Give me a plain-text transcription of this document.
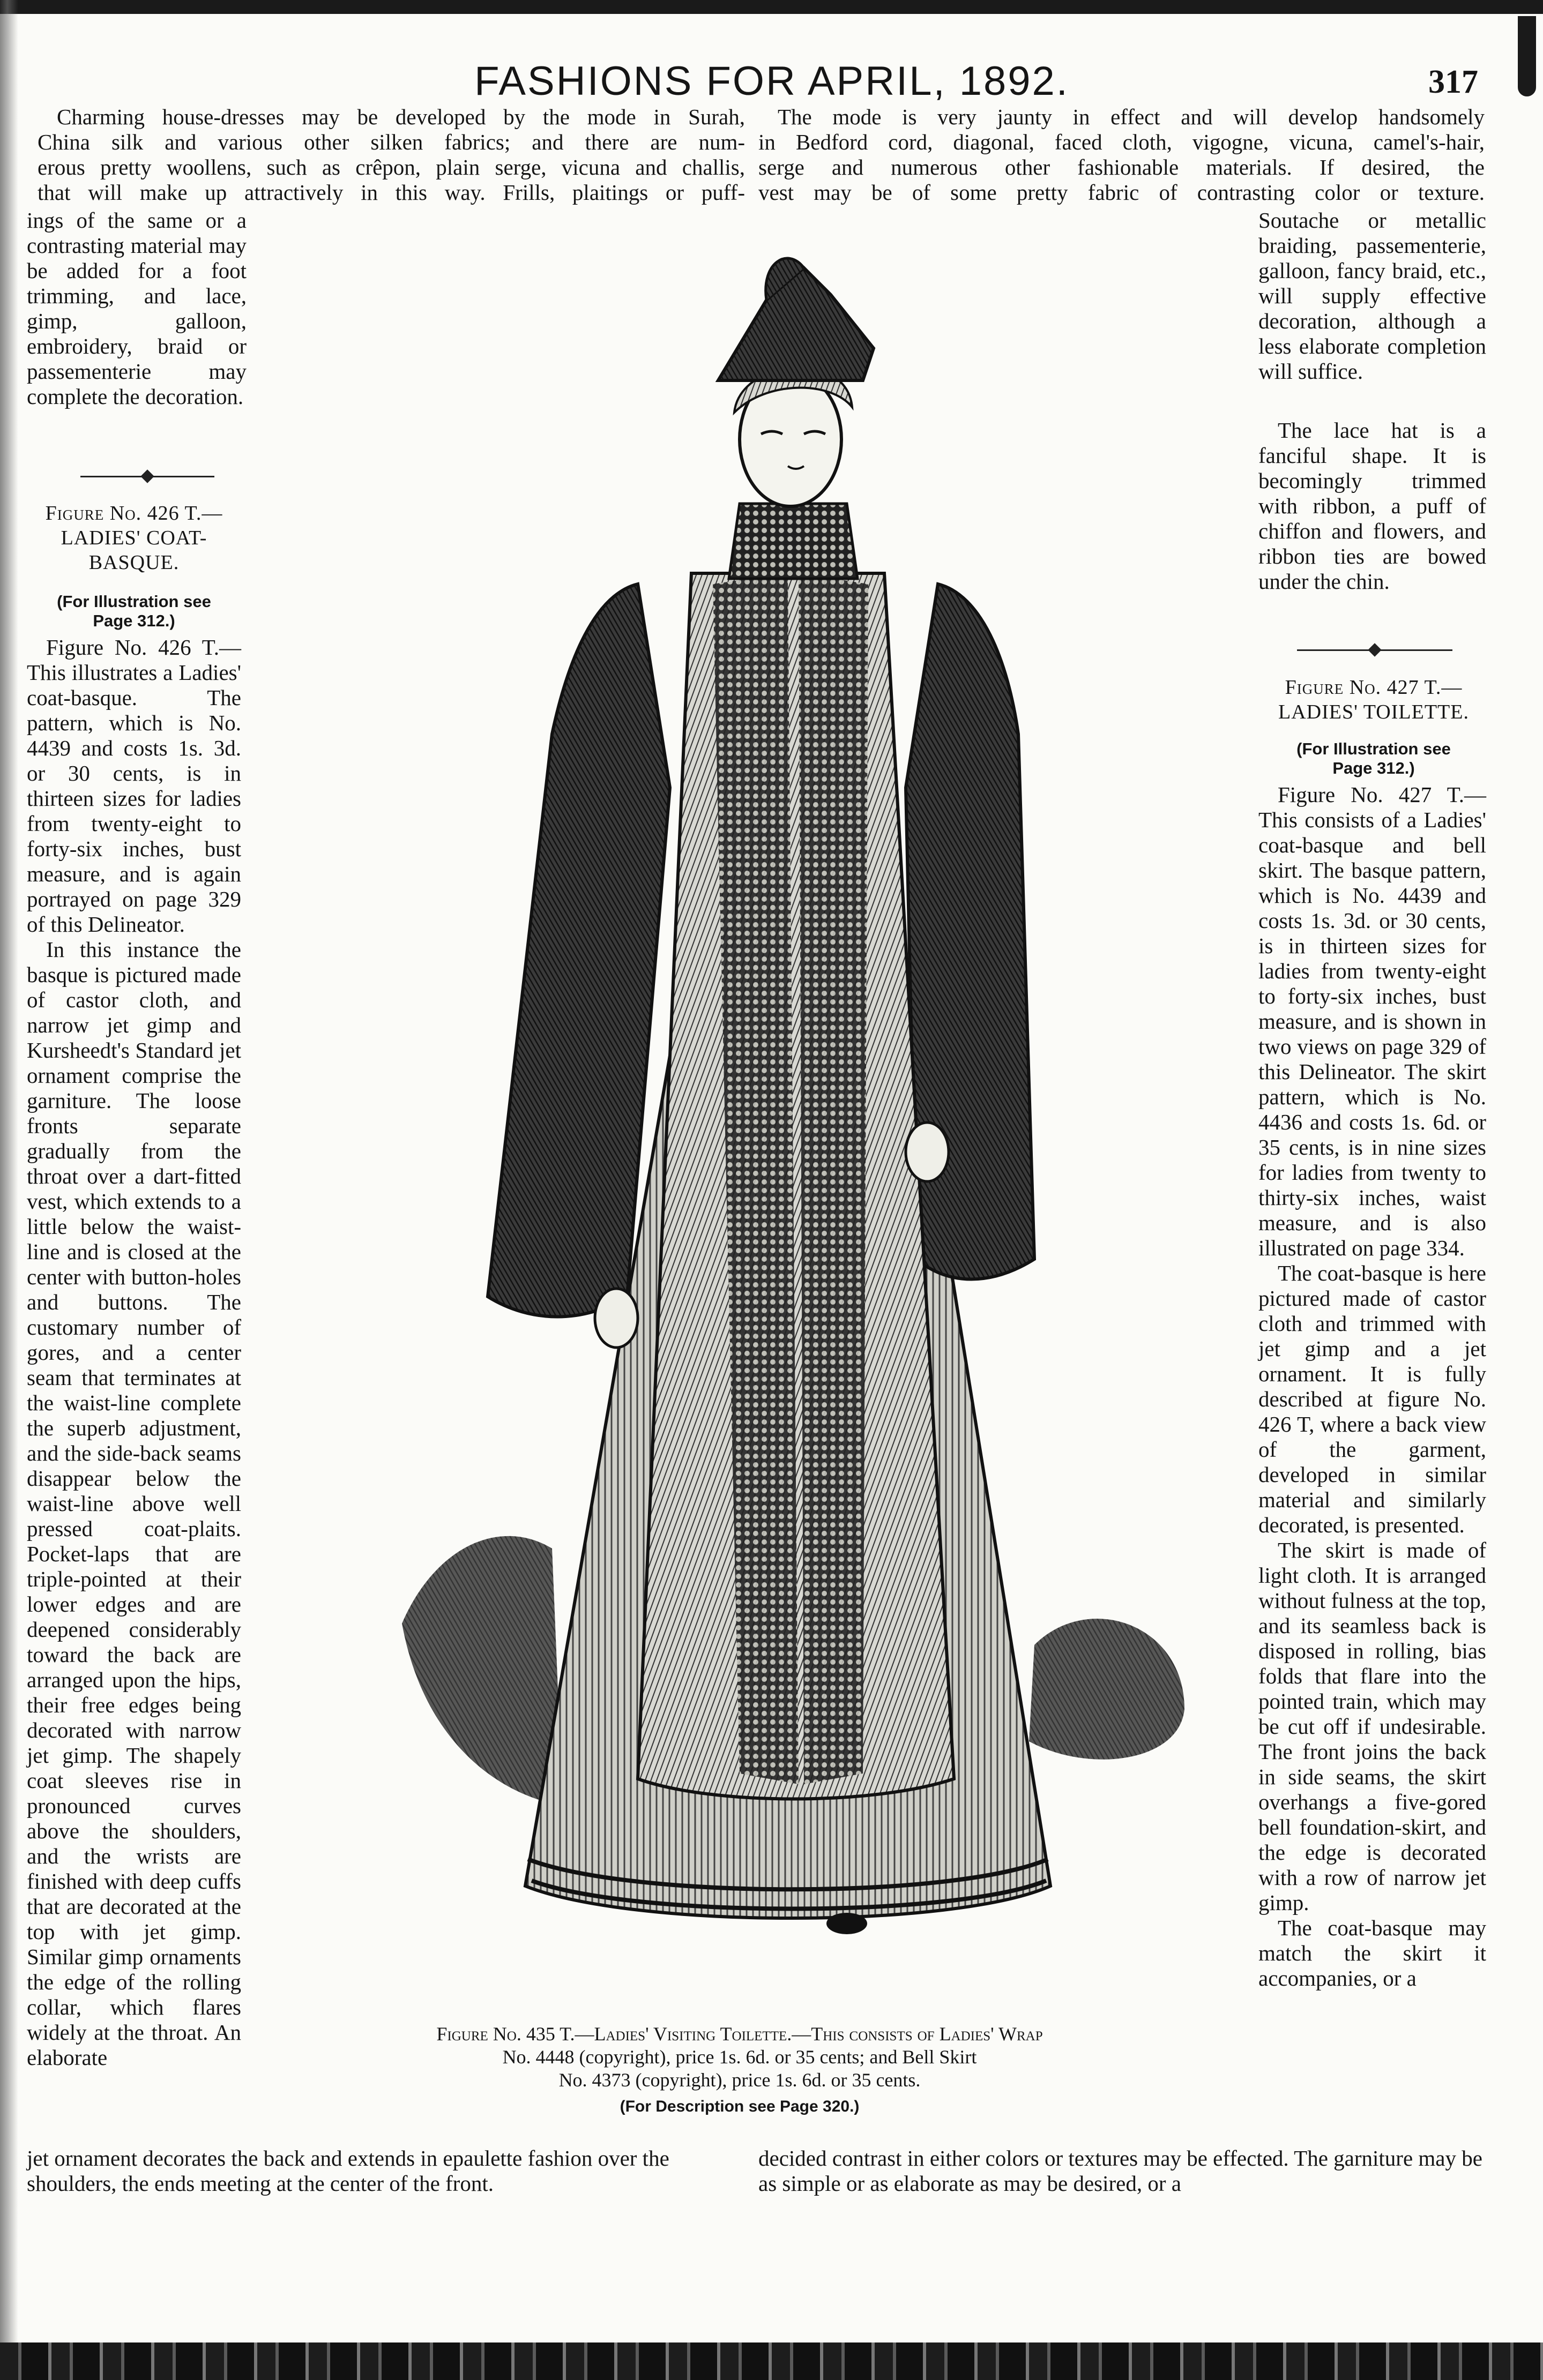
FASHIONS FOR APRIL, 1892.	317
Charming house-dresses may be developed by the mode in Surah,
China silk and various other silken fabrics; and there are num-
erous pretty woollens, such as crêpon, plain serge, vicuna and challis,
that will make up attractively in this way. Frills, plaitings or puff-
The mode is very jaunty in effect and will develop handsomely
in Bedford cord, diagonal, faced cloth, vigogne, vicuna, camel's-hair,
serge and numerous other fashionable materials. If desired, the
vest may be of some pretty fabric of contrasting color or texture.
ings of the same or a contrasting material may be added for a foot trimming, and lace, gimp, galloon, embroidery, braid or passementerie may complete the decoration.
Figure No. 426 T.—
LADIES' COAT-
BASQUE.
(For Illustration see
Page 312.)

Figure No. 426 T.—This illustrates a Ladies' coat-basque. The pattern, which is No. 4439 and costs 1s. 3d. or 30 cents, is in thirteen sizes for ladies from twenty-eight to forty-six inches, bust measure, and is again portrayed on page 329 of this Delineator.

In this instance the basque is pictured made of castor cloth, and narrow jet gimp and Kursheedt's Standard jet ornament comprise the garniture. The loose fronts separate gradually from the throat over a dart-fitted vest, which extends to a little below the waist-line and is closed at the center with button-holes and buttons. The customary number of gores, and a center seam that terminates at the waist-line complete the superb adjustment, and the side-back seams disappear below the waist-line above well pressed coat-plaits. Pocket-laps that are triple-pointed at their lower edges and are deepened considerably toward the back are arranged upon the hips, their free edges being decorated with narrow jet gimp. The shapely coat sleeves rise in pronounced curves above the shoulders, and the wrists are finished with deep cuffs that are decorated at the top with jet gimp. Similar gimp ornaments the edge of the rolling collar, which flares widely at the throat. An elaborate

jet ornament decorates the back and extends in epaulette fashion over the shoulders, the ends meeting at the center of the front.
decided contrast in either colors or textures may be effected. The garniture may be as simple or as elaborate as may be desired, or a
Soutache or metallic braiding, passementerie, galloon, fancy braid, etc., will supply effective decoration, although a less elaborate completion will suffice.

The lace hat is a fanciful shape. It is becomingly trimmed with ribbon, a puff of chiffon and flowers, and ribbon ties are bowed under the chin.

Figure No. 427 T.—
LADIES' TOILETTE.
(For Illustration see
Page 312.)

Figure No. 427 T.—This consists of a Ladies' coat-basque and bell skirt. The basque pattern, which is No. 4439 and costs 1s. 3d. or 30 cents, is in thirteen sizes for ladies from twenty-eight to forty-six inches, bust measure, and is shown in two views on page 329 of this Delineator. The skirt pattern, which is No. 4436 and costs 1s. 6d. or 35 cents, is in nine sizes for ladies from twenty to thirty-six inches, waist measure, and is also illustrated on page 334.

The coat-basque is here pictured made of castor cloth and trimmed with jet gimp and a jet ornament. It is fully described at figure No. 426 T, where a back view of the garment, developed in similar material and similarly decorated, is presented.

The skirt is made of light cloth. It is arranged without fulness at the top, and its seamless back is disposed in rolling, bias folds that flare into the pointed train, which may be cut off if undesirable. The front joins the back in side seams, the skirt overhangs a five-gored bell foundation-skirt, and the edge is decorated with a row of narrow jet gimp.

The coat-basque may match the skirt it accompanies, or a

Figure No. 435 T.—Ladies' Visiting Toilette.—This consists of Ladies' Wrap
No. 4448 (copyright), price 1s. 6d. or 35 cents; and Bell Skirt
No. 4373 (copyright), price 1s. 6d. or 35 cents.
(For Description see Page 320.)
